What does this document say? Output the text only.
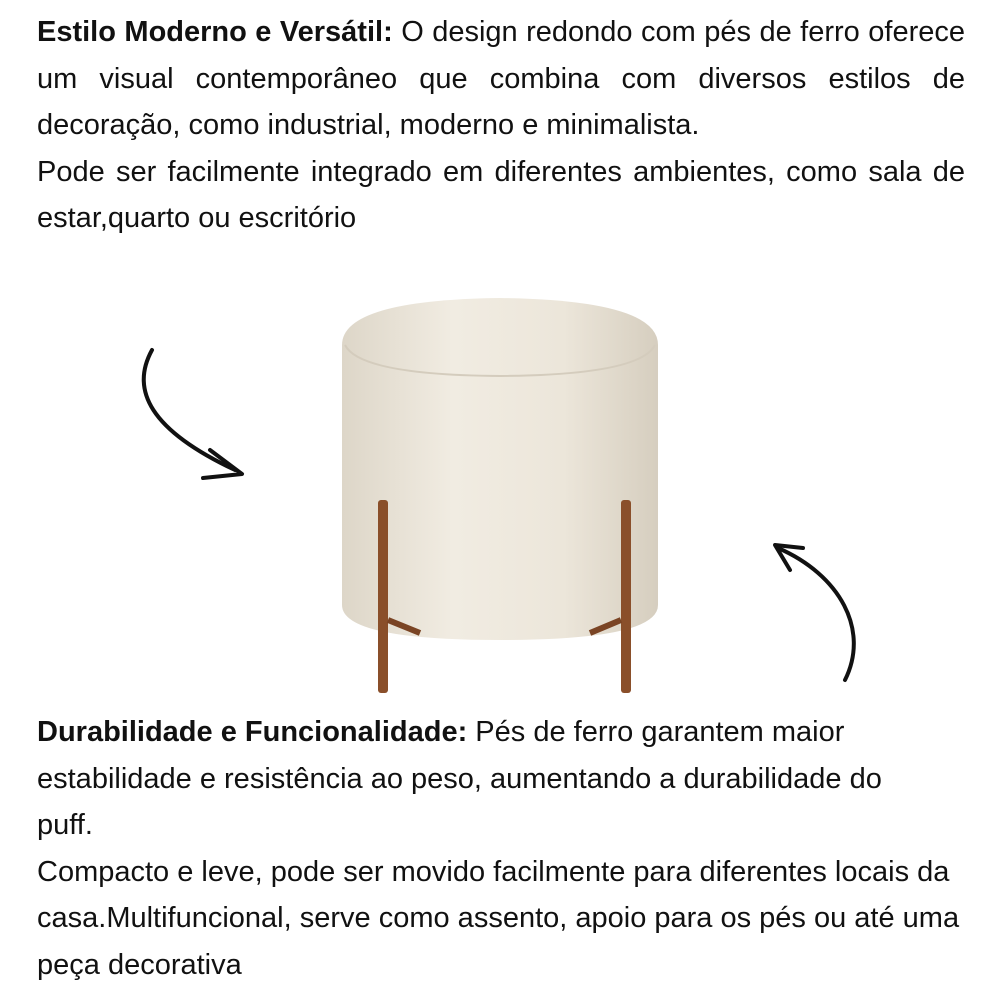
Estilo Moderno e Versátil: O design redondo com pés de ferro oferece um visual contemporâneo que combina com diversos estilos de decoração, como industrial, moderno e minimalista.

Pode ser facilmente integrado em diferentes ambientes, como sala de estar,quarto ou escritório

Durabilidade e Funcionalidade: Pés de ferro garantem maior estabilidade e resistência ao peso, aumentando a durabilidade do puff.

Compacto e leve, pode ser movido facilmente para diferentes locais da casa.Multifuncional, serve como assento, apoio para os pés ou até uma peça decorativa
